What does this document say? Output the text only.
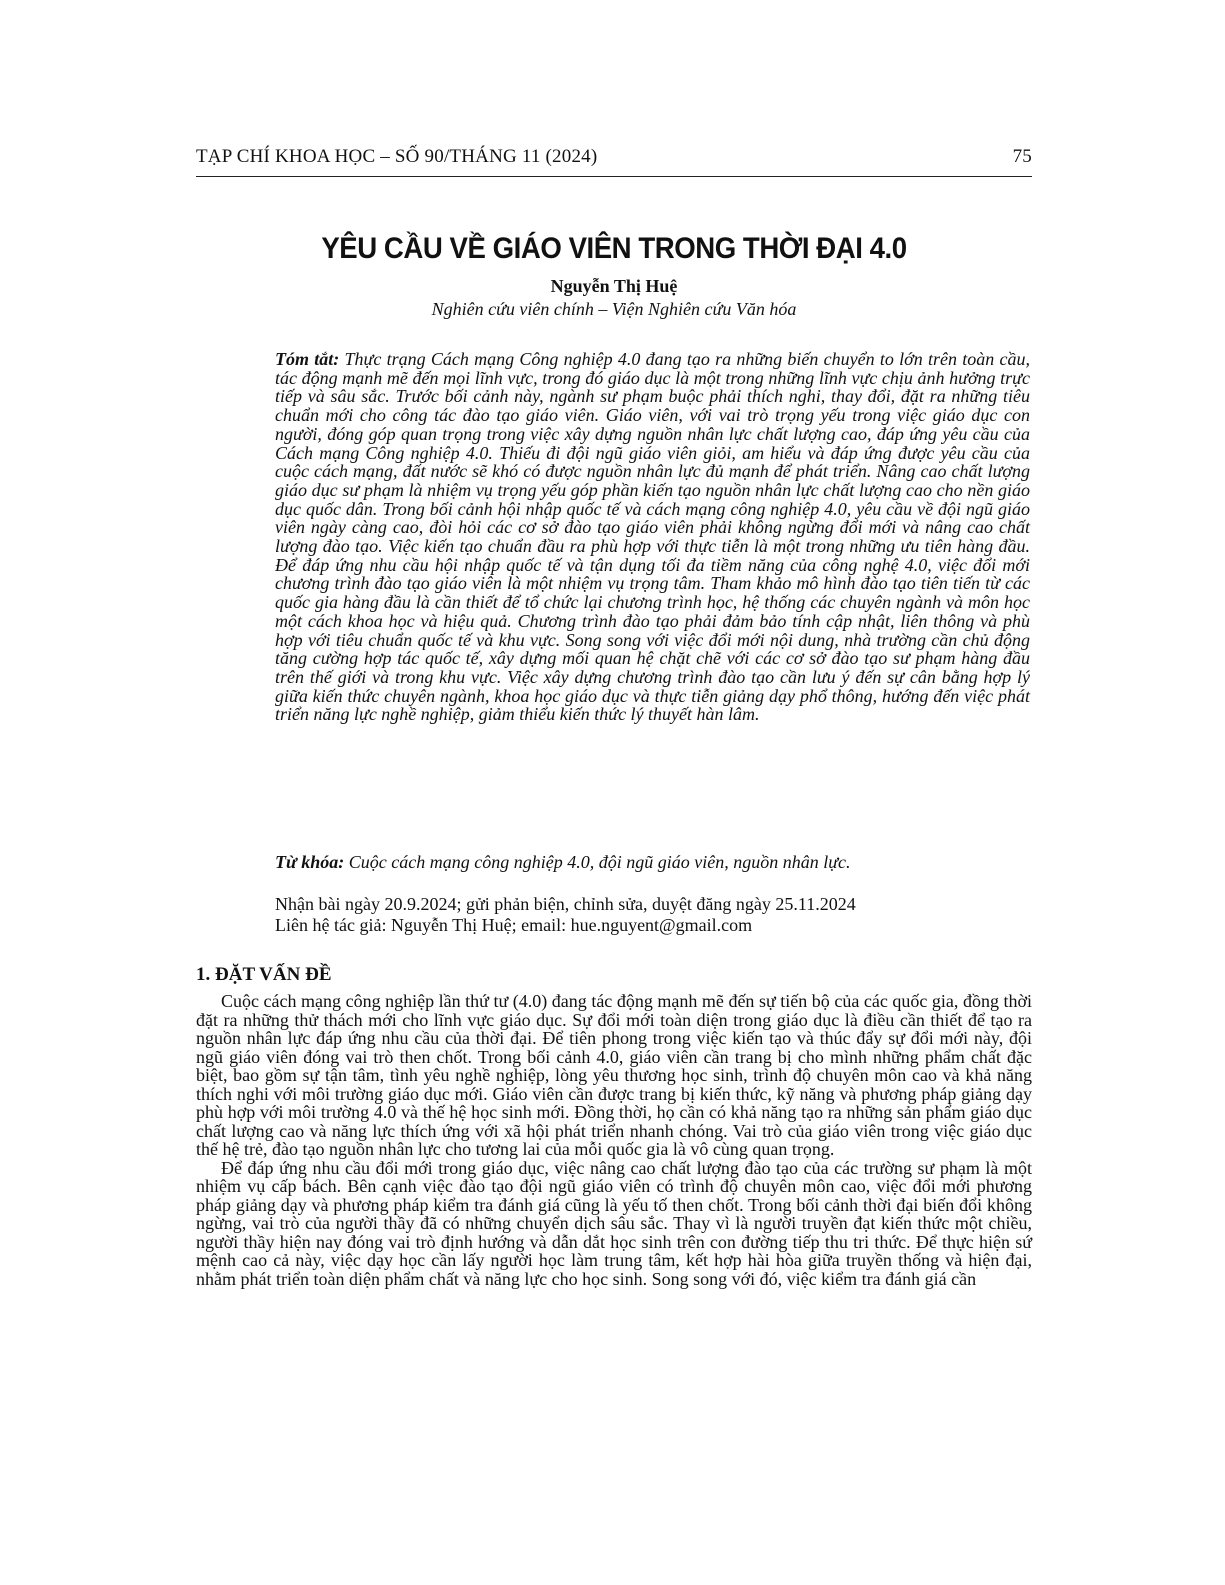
TẠP CHÍ KHOA HỌC – SỐ 90/THÁNG 11 (2024)	75
YÊU CẦU VỀ GIÁO VIÊN TRONG THỜI ĐẠI 4.0
Nguyễn Thị Huệ
Nghiên cứu viên chính – Viện Nghiên cứu Văn hóa
Tóm tắt: Thực trạng Cách mạng Công nghiệp 4.0 đang tạo ra những biến chuyển to lớn trên toàn cầu, tác động mạnh mẽ đến mọi lĩnh vực, trong đó giáo dục là một trong những lĩnh vực chịu ảnh hưởng trực tiếp và sâu sắc. Trước bối cảnh này, ngành sư phạm buộc phải thích nghi, thay đổi, đặt ra những tiêu chuẩn mới cho công tác đào tạo giáo viên. Giáo viên, với vai trò trọng yếu trong việc giáo dục con người, đóng góp quan trọng trong việc xây dựng nguồn nhân lực chất lượng cao, đáp ứng yêu cầu của Cách mạng Công nghiệp 4.0. Thiếu đi đội ngũ giáo viên giỏi, am hiểu và đáp ứng được yêu cầu của cuộc cách mạng, đất nước sẽ khó có được nguồn nhân lực đủ mạnh để phát triển. Nâng cao chất lượng giáo dục sư phạm là nhiệm vụ trọng yếu góp phần kiến tạo nguồn nhân lực chất lượng cao cho nền giáo dục quốc dân. Trong bối cảnh hội nhập quốc tế và cách mạng công nghiệp 4.0, yêu cầu về đội ngũ giáo viên ngày càng cao, đòi hỏi các cơ sở đào tạo giáo viên phải không ngừng đổi mới và nâng cao chất lượng đào tạo. Việc kiến tạo chuẩn đầu ra phù hợp với thực tiễn là một trong những ưu tiên hàng đầu. Để đáp ứng nhu cầu hội nhập quốc tế và tận dụng tối đa tiềm năng của công nghệ 4.0, việc đổi mới chương trình đào tạo giáo viên là một nhiệm vụ trọng tâm. Tham khảo mô hình đào tạo tiên tiến từ các quốc gia hàng đầu là cần thiết để tổ chức lại chương trình học, hệ thống các chuyên ngành và môn học một cách khoa học và hiệu quả. Chương trình đào tạo phải đảm bảo tính cập nhật, liên thông và phù hợp với tiêu chuẩn quốc tế và khu vực. Song song với việc đổi mới nội dung, nhà trường cần chủ động tăng cường hợp tác quốc tế, xây dựng mối quan hệ chặt chẽ với các cơ sở đào tạo sư phạm hàng đầu trên thế giới và trong khu vực. Việc xây dựng chương trình đào tạo cần lưu ý đến sự cân bằng hợp lý giữa kiến thức chuyên ngành, khoa học giáo dục và thực tiễn giảng dạy phổ thông, hướng đến việc phát triển năng lực nghề nghiệp, giảm thiểu kiến thức lý thuyết hàn lâm.
Từ khóa: Cuộc cách mạng công nghiệp 4.0, đội ngũ giáo viên, nguồn nhân lực.
Nhận bài ngày 20.9.2024; gửi phản biện, chỉnh sửa, duyệt đăng ngày 25.11.2024
Liên hệ tác giả: Nguyễn Thị Huệ; email: hue.nguyent@gmail.com
1. ĐẶT VẤN ĐỀ

Cuộc cách mạng công nghiệp lần thứ tư (4.0) đang tác động mạnh mẽ đến sự tiến bộ của các quốc gia, đồng thời đặt ra những thử thách mới cho lĩnh vực giáo dục. Sự đổi mới toàn diện trong giáo dục là điều cần thiết để tạo ra nguồn nhân lực đáp ứng nhu cầu của thời đại. Để tiên phong trong việc kiến tạo và thúc đẩy sự đổi mới này, đội ngũ giáo viên đóng vai trò then chốt. Trong bối cảnh 4.0, giáo viên cần trang bị cho mình những phẩm chất đặc biệt, bao gồm sự tận tâm, tình yêu nghề nghiệp, lòng yêu thương học sinh, trình độ chuyên môn cao và khả năng thích nghi với môi trường giáo dục mới. Giáo viên cần được trang bị kiến thức, kỹ năng và phương pháp giảng dạy phù hợp với môi trường 4.0 và thế hệ học sinh mới. Đồng thời, họ cần có khả năng tạo ra những sản phẩm giáo dục chất lượng cao và năng lực thích ứng với xã hội phát triển nhanh chóng. Vai trò của giáo viên trong việc giáo dục thế hệ trẻ, đào tạo nguồn nhân lực cho tương lai của mỗi quốc gia là vô cùng quan trọng.

Để đáp ứng nhu cầu đổi mới trong giáo dục, việc nâng cao chất lượng đào tạo của các trường sư phạm là một nhiệm vụ cấp bách. Bên cạnh việc đào tạo đội ngũ giáo viên có trình độ chuyên môn cao, việc đổi mới phương pháp giảng dạy và phương pháp kiểm tra đánh giá cũng là yếu tố then chốt. Trong bối cảnh thời đại biến đổi không ngừng, vai trò của người thầy đã có những chuyển dịch sâu sắc. Thay vì là người truyền đạt kiến thức một chiều, người thầy hiện nay đóng vai trò định hướng và dẫn dắt học sinh trên con đường tiếp thu tri thức. Để thực hiện sứ mệnh cao cả này, việc dạy học cần lấy người học làm trung tâm, kết hợp hài hòa giữa truyền thống và hiện đại, nhằm phát triển toàn diện phẩm chất và năng lực cho học sinh. Song song với đó, việc kiểm tra đánh giá cần
